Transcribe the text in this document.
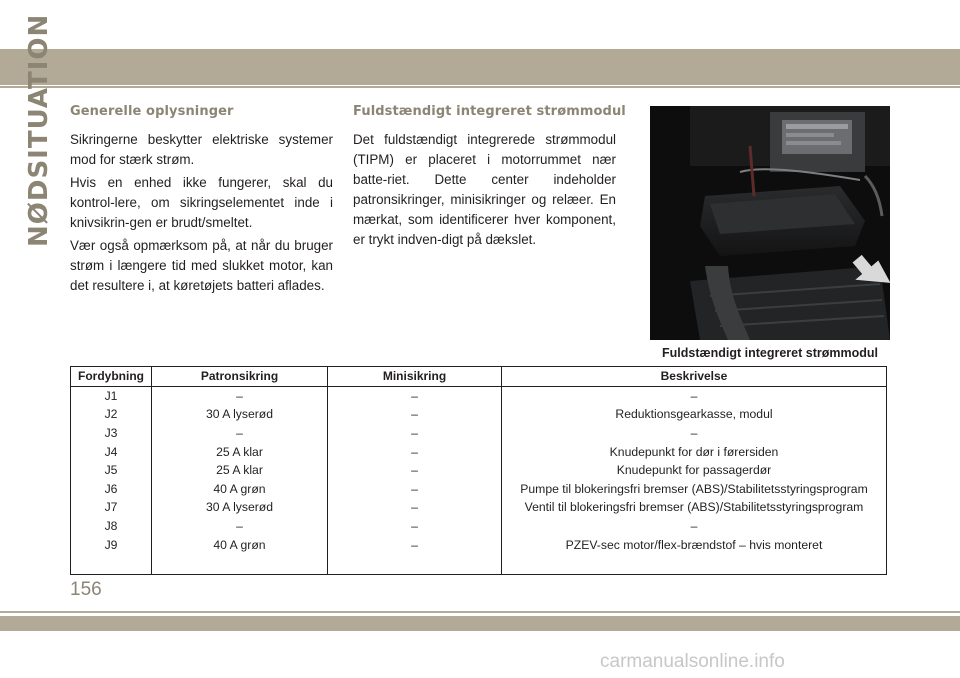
NØDSITUATION Generelle oplysninger

Sikringerne beskytter elektriske systemer mod for stærk strøm.

Hvis en enhed ikke fungerer, skal du kontrol-lere, om sikringselementet inde i knivsikrin-gen er brudt/smeltet.

Vær også opmærksom på, at når du bruger strøm i længere tid med slukket motor, kan det resultere i, at køretøjets batteri aflades.

Fuldstændigt integreret strømmodul

Det fuldstændigt integrerede strømmodul (TIPM) er placeret i motorrummet nær batte-riet. Dette center indeholder patronsikringer, minisikringer og relæer. En mærkat, som identificerer hver komponent, er trykt indven-digt på dækslet.

Fuldstændigt integreret strømmodul
Fordybning	Patronsikring	Minisikring	Beskrivelse
J1	–	–	–
J2	30 A lyserød	–	Reduktionsgearkasse, modul
J3	–	–	–
J4	25 A klar	–	Knudepunkt for dør i førersiden
J5	25 A klar	–	Knudepunkt for passagerdør
J6	40 A grøn	–	Pumpe til blokeringsfri bremser (ABS)/Stabilitetsstyringsprogram
J7	30 A lyserød	–	Ventil til blokeringsfri bremser (ABS)/Stabilitetsstyringsprogram
J8	–	–	–
J9	40 A grøn	–	PZEV-sec motor/flex-brændstof – hvis monteret
156
carmanualsonline.info
